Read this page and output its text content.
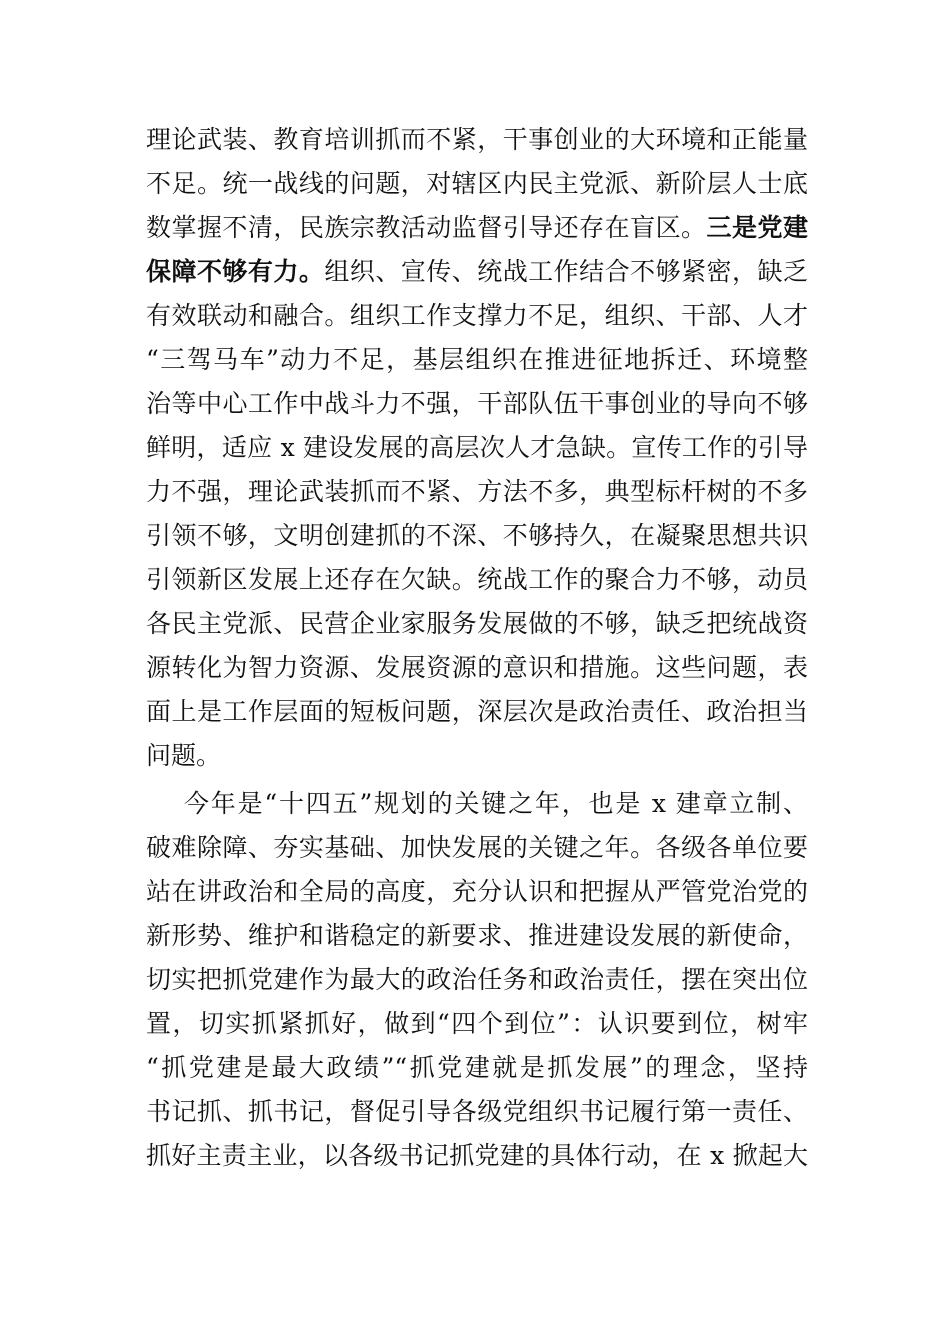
理论武装、教育培训抓而不紧，干事创业的大环境和正能量
不足。统一战线的问题，对辖区内民主党派、新阶层人士底
数掌握不清，民族宗教活动监督引导还存在盲区。三是党建
保障不够有力。组织、宣传、统战工作结合不够紧密，缺乏
有效联动和融合。组织工作支撑力不足，组织、干部、人才
“三驾马车”动力不足，基层组织在推进征地拆迁、环境整
治等中心工作中战斗力不强，干部队伍干事创业的导向不够
鲜明，适应 x 建设发展的高层次人才急缺。宣传工作的引导
力不强，理论武装抓而不紧、方法不多，典型标杆树的不多
引领不够，文明创建抓的不深、不够持久，在凝聚思想共识
引领新区发展上还存在欠缺。统战工作的聚合力不够，动员
各民主党派、民营企业家服务发展做的不够，缺乏把统战资
源转化为智力资源、发展资源的意识和措施。这些问题，表
面上是工作层面的短板问题，深层次是政治责任、政治担当
问题。
今年是“十四五”规划的关键之年，也是 x 建章立制、
破难除障、夯实基础、加快发展的关键之年。各级各单位要
站在讲政治和全局的高度，充分认识和把握从严管党治党的
新形势、维护和谐稳定的新要求、推进建设发展的新使命，
切实把抓党建作为最大的政治任务和政治责任，摆在突出位
置，切实抓紧抓好，做到“四个到位”：认识要到位，树牢
“抓党建是最大政绩”“抓党建就是抓发展”的理念，坚持
书记抓、抓书记，督促引导各级党组织书记履行第一责任、
抓好主责主业，以各级书记抓党建的具体行动，在 x 掀起大
